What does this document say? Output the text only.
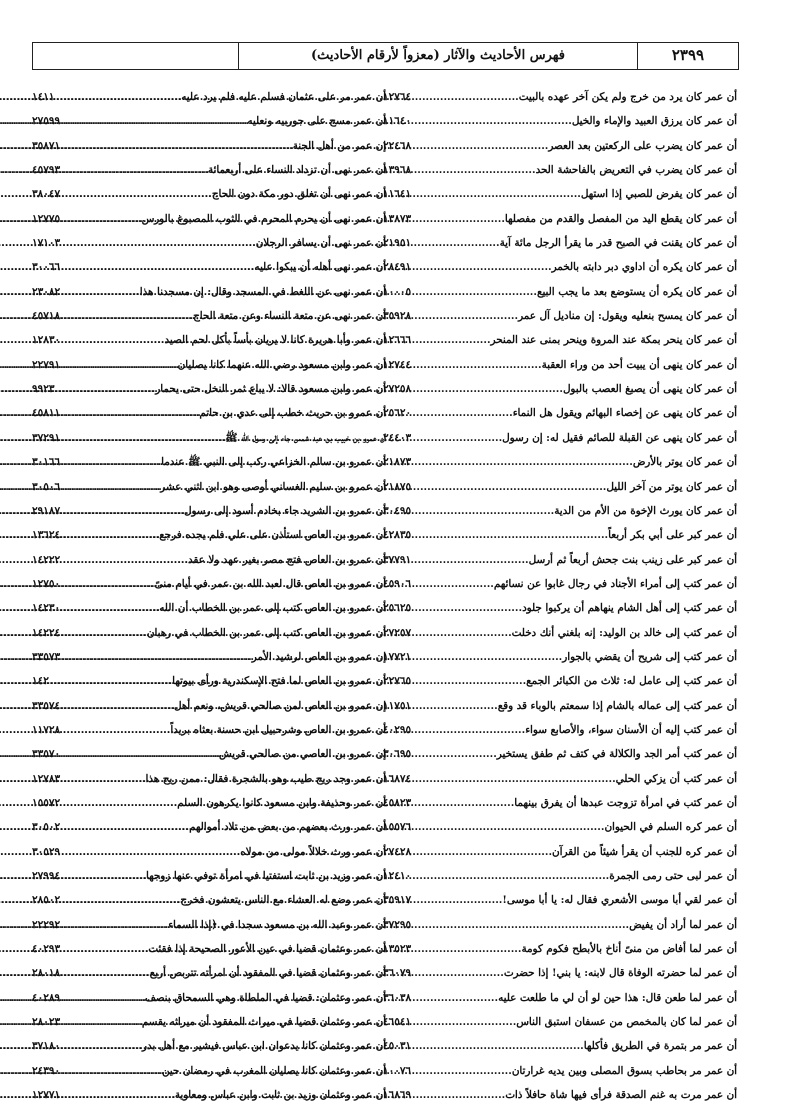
٢٣٩٩
فهرس الأحاديث والآثار (معزواً لأرقام الأحاديث)
أن عمر كان يرد من خرج ولم يكن آخر عهده بالبيت
.....
١٢٧٦٤
أن عمر كان يرزق العبيد والإماء والخيل
.....
١١٦٤٠
أن عمر كان يضرب على الركعتين بعد العصر
.....
٢٢٤٦٨
أن عمر كان يضرب في التعريض بالفاحشة الحد
.....
١٣٩٦٨
أن عمر كان يفرض للصبي إذا استهل
.....
١١٦٤١
أن عمر كان يقطع اليد من المفصل والقدم من مفصلها
.....
١٣٨٧٣
أن عمر كان يقنت في الصبح قدر ما يقرأ الرجل مائة آية
.....
٢١٩٥١
أن عمر كان يكره أن اداوي دبر دابته بالخمر
.....
٢٨٤٩١
أن عمر كان يكره أن يستوضع بعد ما يجب البيع
.....
١٠٠٠٥
أن عمر كان يمسح بنعليه ويقول: إن مناديل آل عمر
.....
٣٥٩٢٨
أن عمر كان ينحر بمكة عند المروة وينحر بمنى عند المنحر
.....
١٢٦٦٦
أن عمر كان ينهى أن يبيت أحد من وراء العقبة
.....
١٢٧٤٤
أن عمر كان ينهى أن يصبغ العصب بالبول
.....
٢٧٢٥٨
أن عمر كان ينهى عن إخصاء البهائم ويقول هل النماء
.....
٢٥٦٢٠
أن عمر كان ينهى عن القبلة للصائم فقيل له: إن رسول
.....
٢٤٤٠٣
أن عمر كان يوتر بالأرض
.....
٢١٨٧٣
أن عمر كان يوتر من آخر الليل
.....
٢١٨٧٥
أن عمر كان يورث الإخوة من الأم من الدية
.....
٣٠٤٩٥
أن عمر كبر على أبي بكر أربعاً
.....
٤٢٨٣٥
أن عمر كبر على زينب بنت جحش أربعاً ثم أرسل
.....
٣٧٧٩١
أن عمر كتب إلى أمراء الأجناد في رجال غابوا عن نسائهم
.....
٤٥٩٠٦
أن عمر كتب إلى أهل الشام ينهاهم أن يركبوا جلود
.....
٢٥٦٢٥
أن عمر كتب إلى خالد بن الوليد: إنه بلغني أنك دخلت
.....
٢٧٢٥٧
أن عمر كتب إلى شريح أن يقضي بالجوار
.....
١٧٧٢١
أن عمر كتب إلى عامل له: ثلاث من الكبائر الجمع
.....
٢٢٧٦٥
أن عمر كتب إلى عماله بالشام إذا سمعتم بالوباء قد وقع
.....
١١٧٥١
أن عمر كتب إليه أن الأسنان سواء، والأصابع سواء
.....
٤٠٢٩٥
أن عمر كتب أمر الجد والكلالة في كتف ثم طفق يستخير
.....
٣٠٦٩٥
أن عمر كتب أن يزكي الحلي
.....
١٦٨٧٤
أن عمر كتب في امرأة تزوجت عبدها أن يفرق بينهما
.....
٤٥٨٢٣
أن عمر كره السلم في الحيوان
.....
١٥٥٧٦
أن عمر كره للجنب أن يقرأ شيئاً من القرآن
.....
٢٧٤٢٨
أن عمر لبى حتى رمى الجمرة
.....
١٢٤١٠
أن عمر لقي أبا موسى الأشعري فقال له: يا أبا موسى!
.....
٣٥٩١٧
أن عمر لما أراد أن يفيض
.....
٣٧٢٩٥
أن عمر لما أفاض من منىً أناخ بالأبطح فكوم كومة
.....
١٣٥٢٣
أن عمر لما حضرته الوفاة قال لابنه: يا بني! إذا حضرت
.....
٣٦٠٧٩
أن عمر لما طعن قال: هذا حين لو أن لي ما طلعت عليه
.....
٣٦٠٣٨
أن عمر لما كان بالمخمص من عسفان استبق الناس
.....
٤٦٥٤١
أن عمر مر بتمرة في الطريق فأكلها
.....
٤٥٠٣١
أن عمر مر بحاطب بسوق المصلى وبين يديه غرارتان
.....
١٠٠٧٦
أن عمر مرت به غنم الصدقة فرأى فيها شاة حافلاً ذات
.....
١٦٨٦٩
أن عمر مر على عثمان فسلم عليه فلم يرد عليه
.....
١٤١١
أن عمر مسح على جوربيه ونعليه
.....
٢٧٥٩٩
إن عمر من أهل الجنة
.....
٣٥٨٧١
أن عمر نهى أن تزداد النساء على أربعمائة
.....
٤٥٧٩٣
أن عمر نهى أن تغلق دور مكة دون الحاج
.....
٣٨٠٤٧
أن عمر نهى أن يحرم المحرم في الثوب المصبوغ بالورس
.....
١٢٧٧٥
أن عمر نهى أن يسافر الرجلان
.....
١٧١٠٣
أن عمر نهى أهله أن يبكوا عليه
.....
٣٠٠٦٦
أن عمر نهى عن اللغط في المسجد وقال: إن مسجدنا هذا
.....
٢٣٠٨٢
أن عمر نهى عن متعة النساء وعن متعة الحاج
.....
٤٥٧١٨
أن عمر وأبا هريرة كانا لا يريان بأساً بأكل لحم الصيد
.....
١٢٨٣٠
أن عمر وابن مسعود رضي الله عنهما كانا يصليان
.....
٢٢٧٩١
أن عمر وابن مسعود قالا: لا يباع ثمر النخل حتى يحمار
.....
٩٩٢٣
أن عمرو بن حريث خطب إلى عدي بن حاتم
.....
٤٥٨١١
أن عمرو بن خبيب بن عبد شمس جاء إلى رسول الله ﷺ
.....
٣٧٢٩١
أن عمرو بن سالم الخزاعي ركب إلى النبي ﷺ عندما
.....
٣٠١٦٦
أن عمرو بن سليم الغساني أوصى وهو ابن اثني عشر
.....
٣٠٥٠٦
أن عمرو بن الشريد جاء بخادم أسود إلى رسول
.....
٢٩١٨٧
أن عمرو بن العاص استأذن على علي فلم يجده فرجع
.....
١٣٦٢٤
أن عمرو بن العاص فتح مصر بغير عهد ولا عقد
.....
١٤٢٢٢
أن عمرو بن العاص قال لعبد الله بن عمر في أيام منىً
.....
١٢٧٥٠
أن عمرو بن العاص كتب إلى عمر بن الخطاب أن الله
.....
١٤٢٣٠
أن عمرو بن العاص كتب إلى عمر بن الخطاب في رهبان
.....
١٤٢٢٤
إن عمرو بن العاص لرشيد الأمر
.....
٣٣٥٧٣
أن عمرو بن العاص لما فتح الإسكندرية ورأى بيوتها
.....
١٤٢
إن عمرو بن العاص لمن صالحي قريش، ونعم أهل
.....
٣٣٥٧٤
أن عمرو بن العاص وشرحبيل ابن حسنة بعثاه بريداً
.....
١١٧٢٨
إن عمرو بن العاصي من صالحي قريش
.....
٣٣٥٧٠
أن عمر وجد ريح طيب وهو بالشجرة فقال: ممن ريح هذا
.....
١٢٧٨٣
أن عمر وحذيفة وابن مسعود كانوا يكرهون السلم
.....
١٥٥٧٢
أن عمر ورث بعضهم من بعض من تلاد أموالهم
.....
٣٠٥٠٢
أن عمر ورث خلالاً مولى من مولاه
.....
٣٠٥٢٩
أن عمر وزيد بن ثابت استفتيا في امرأة توفي عنها زوجها
.....
٢٧٩٩٤
أن عمر وضع له العشاء مع الناس يتعشون فخرج
.....
٢٨٥٠٢
أن عمر وعبد الله بن مسعود سجدا في ﴿إذا السماء
.....
٢٢٢٩٢
أن عمر وعثمان قضيا في عين الأعور الصحيحة إذا فقئت
.....
٤٠٢٩٣
أن عمر وعثمان قضيا في المفقود أن امرأته تتربص أربع
.....
٢٨٠١٨
أن عمر وعثمان: قضيا في الملطاة وهي السمحاق بنصف
.....
٤٠٢٨٩
أن عمر وعثمان قضيا في ميراث المفقود أن ميراثه يقسم
.....
٢٨٠٢٣
أن عمر وعثمان كانا يدعوان ابن عباس فيشير مع أهل بدر
.....
٣٧١٨٠
أن عمر وعثمان كانا يصليان المغرب في رمضان حين
.....
٢٤٣٩٠
أن عمر وعثمان وزيد بن ثابت وابن عباس ومعاوية
.....
١٢٧٧١
